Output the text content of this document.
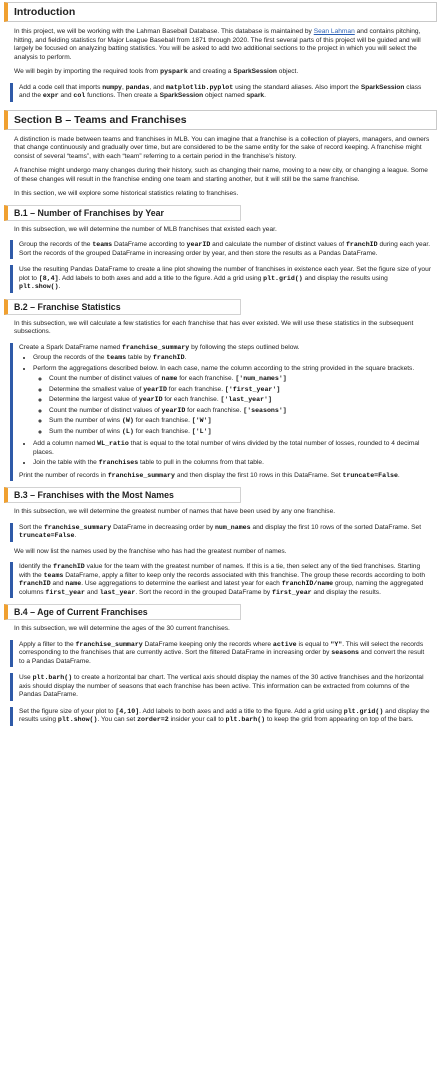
Introduction
In this project, we will be working with the Lahman Baseball Database. This database is maintained by Sean Lahman and contains pitching, hitting, and fielding statistics for Major League Baseball from 1871 through 2020. The first several parts of this project will be guided and will largely be focused on analyzing batting statistics. You will be asked to add two additional sections to the project in which you will select the analysis to perform.
We will begin by importing the required tools from pyspark and creating a SparkSession object.
Add a code cell that imports numpy, pandas, and matplotlib.pyplot using the standard aliases. Also import the SparkSession class and the expr and col functions. Then create a SparkSession object named spark.
Section B – Teams and Franchises
A distinction is made between teams and franchises in MLB. You can imagine that a franchise is a collection of players, managers, and owners that change continuously and gradually over time, but are considered to be the same entity for the sake of record keeping. A franchise might consist of several “teams”, with each “team” referring to a certain period in the franchise’s history.
A franchise might undergo many changes during their history, such as changing their name, moving to a new city, or changing a league. Some of these changes will result in the franchise ending one team and starting another, but it will still be the same franchise.
In this section, we will explore some historical statistics relating to franchises.
B.1 – Number of Franchises by Year
In this subsection, we will determine the number of MLB franchises that existed each year.
Group the records of the teams DataFrame according to yearID and calculate the number of distinct values of franchID during each year. Sort the records of the grouped DataFrame in increasing order by year, and then store the results as a Pandas DataFrame.
Use the resulting Pandas DataFrame to create a line plot showing the number of franchises in existence each year. Set the figure size of your plot to [8,4]. Add labels to both axes and add a title to the figure. Add a grid using plt.grid() and display the results using plt.show().
B.2 – Franchise Statistics
In this subsection, we will calculate a few statistics for each franchise that has ever existed. We will use these statistics in the subsequent subsections.
Create a Spark DataFrame named franchise_summary by following the steps outlined below.
• Group the records of the teams table by franchID.
• Perform the aggregations described below. In each case, name the column according to the string provided in the square brackets.
◦ Count the number of distinct values of name for each franchise. ['num_names']
◦ Determine the smallest value of yearID for each franchise. ['first_year']
◦ Determine the largest value of yearID for each franchise. ['last_year']
◦ Count the number of distinct values of yearID for each franchise. ['seasons']
◦ Sum the number of wins (W) for each franchise. ['W']
◦ Sum the number of wins (L) for each franchise. ['L']
• Add a column named WL_ratio that is equal to the total number of wins divided by the total number of losses, rounded to 4 decimal places.
• Join the table with the franchises table to pull in the columns from that table.
Print the number of records in franchise_summary and then display the first 10 rows in this DataFrame. Set truncate=False.
B.3 – Franchises with the Most Names
In this subsection, we will determine the greatest number of names that have been used by any one franchise.
Sort the franchise_summary DataFrame in decreasing order by num_names and display the first 10 rows of the sorted DataFrame. Set truncate=False.
We will now list the names used by the franchise who has had the greatest number of names.
Identify the franchID value for the team with the greatest number of names. If this is a tie, then select any of the tied franchises. Starting with the teams DataFrame, apply a filter to keep only the records associated with this franchise. The group these records according to both franchID and name. Use aggregations to determine the earliest and latest year for each franchID/name group, naming the aggregated columns first_year and last_year. Sort the record in the grouped DataFrame by first_year and display the results.
B.4 – Age of Current Franchises
In this subsection, we will determine the ages of the 30 current franchises.
Apply a filter to the franchise_summary DataFrame keeping only the records where active is equal to "Y". This will select the records corresponding to the franchises that are currently active. Sort the filtered DataFrame in increasing order by seasons and convert the result to a Pandas DataFrame.
Use plt.barh() to create a horizontal bar chart. The vertical axis should display the names of the 30 active franchises and the horizontal axis should display the number of seasons that each franchise has been active. This information can be extracted from columns of the Pandas DataFrame.
Set the figure size of your plot to [4,10]. Add labels to both axes and add a title to the figure. Add a grid using plt.grid() and display the results using plt.show(). You can set zorder=2 insider your call to plt.barh() to keep the grid from appearing on top of the bars.
